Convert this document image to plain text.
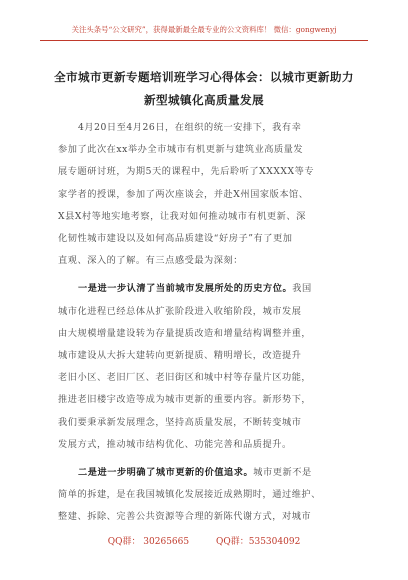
关注头条号“公文研究”，获得最新最全最专业的公文资料库！ 微信：gongwenyj
全市城市更新专题培训班学习心得体会：以城市更新助力
新型城镇化高质量发展

4月20日至4月26日，在组织的统一安排下，我有幸
参加了此次在xx举办全市城市有机更新与建筑业高质量发
展专题研讨班，为期5天的课程中，先后聆听了XXXXX等专
家学者的授课，参加了两次座谈会，并赴X州国家版本馆、
X县X村等地实地考察，让我对如何推动城市有机更新、深
化韧性城市建设以及如何高品质建设“好房子”有了更加
直观、深入的了解。有三点感受最为深刻：

一是进一步认清了当前城市发展所处的历史方位。我国
城市化进程已经总体从扩张阶段进入收缩阶段，城市发展
由大规模增量建设转为存量提质改造和增量结构调整并重，
城市建设从大拆大建转向更新提质、精明增长，改造提升
老旧小区、老旧厂区、老旧街区和城中村等存量片区功能，
推进老旧楼宇改造等成为城市更新的重要内容。新形势下，
我们要秉承新发展理念，坚持高质量发展，不断转变城市
发展方式，推动城市结构优化、功能完善和品质提升。

二是进一步明确了城市更新的价值追求。城市更新不是
简单的拆建，是在我国城镇化发展接近成熟期时，通过维护、
整建、拆除、完善公共资源等合理的新陈代谢方式，对城市

QQ群： 30265665	QQ群：535304092
